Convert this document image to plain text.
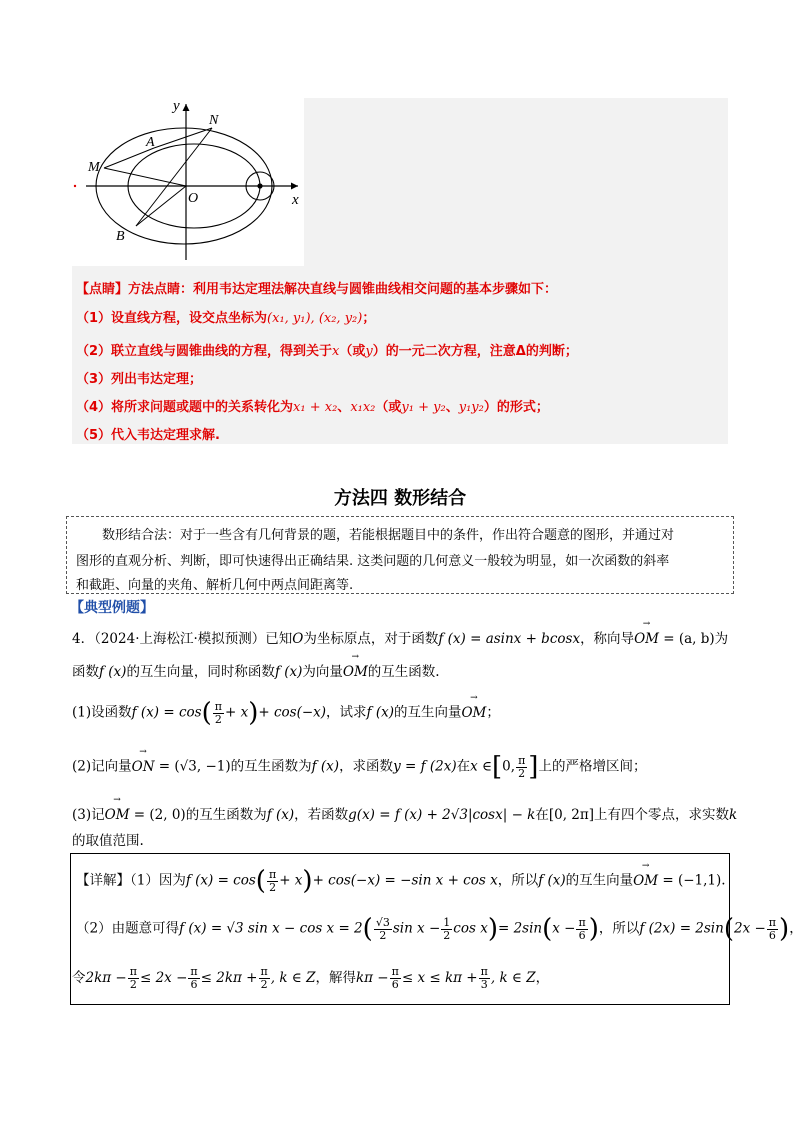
y
x
N
A
M
O
B
【点睛】方法点睛：利用韦达定理法解决直线与圆锥曲线相交问题的基本步骤如下：
（1）设直线方程，设交点坐标为(x₁, y₁), (x₂, y₂)；
（2）联立直线与圆锥曲线的方程，得到关于x（或y）的一元二次方程，注意Δ的判断；
（3）列出韦达定理；
（4）将所求问题或题中的关系转化为x₁ + x₂、x₁x₂（或y₁ + y₂、y₁y₂）的形式；
（5）代入韦达定理求解.
方法四 数形结合
数形结合法：对于一些含有几何背景的题，若能根据题目中的条件，作出符合题意的图形，并通过对
图形的直观分析、判断，即可快速得出正确结果. 这类问题的几何意义一般较为明显，如一次函数的斜率
和截距、向量的夹角、解析几何中两点间距离等.
【典型例题】
4．（2024·上海松江·模拟预测）已知O为坐标原点，对于函数f (x) = asinx + bcosx，称向导→ OM = (a, b)为
函数f (x)的互生向量，同时称函数f (x)为向量→ OM的互生函数.
(1)设函数f $(x) = \cos( \frac{\pi}{2} + x)+ \cos(-x)$，试求f (x)的互生向量→ OM；
(2)记向量→ ON = (√3, −1)的互生函数为f (x)，求函数y = f (2x)在x ∈[0, $\frac{\pi}{2}$ ]上的严格增区间；
(3)记→ OM = (2, 0)的互生函数为f (x)，若函数g(x) = f (x) + 2√3|cosx| − k在[0, 2π]上有四个零点，求实数k
的取值范围.
【详解】（1）因为f $(x) = \cos( \frac{\pi}{2} + x)+ \cos(-x) = -\sin$ x + cos x，所以f (x)的互生向量→ OM = (−1,1).
（2）由题意可得f (x) = √3 $\sin x - \cos x = 2( \frac{√3}{2}$ $\sin x - \frac{1}{2}$ $\cos x)= 2\sin(x - \frac{\pi}{6}$ )，所以f $(2x) = 2\sin(2x - \frac{\pi}{6}$ )，
令$2k\pi - \frac{\pi}{2} \le 2x - \frac{\pi}{6} \le 2k\pi + \frac{\pi}{2}$ , k ∈ Z，解得$k\pi - \frac{\pi}{6} \le x \le k\pi + \frac{\pi}{3}$ , k ∈ Z，
